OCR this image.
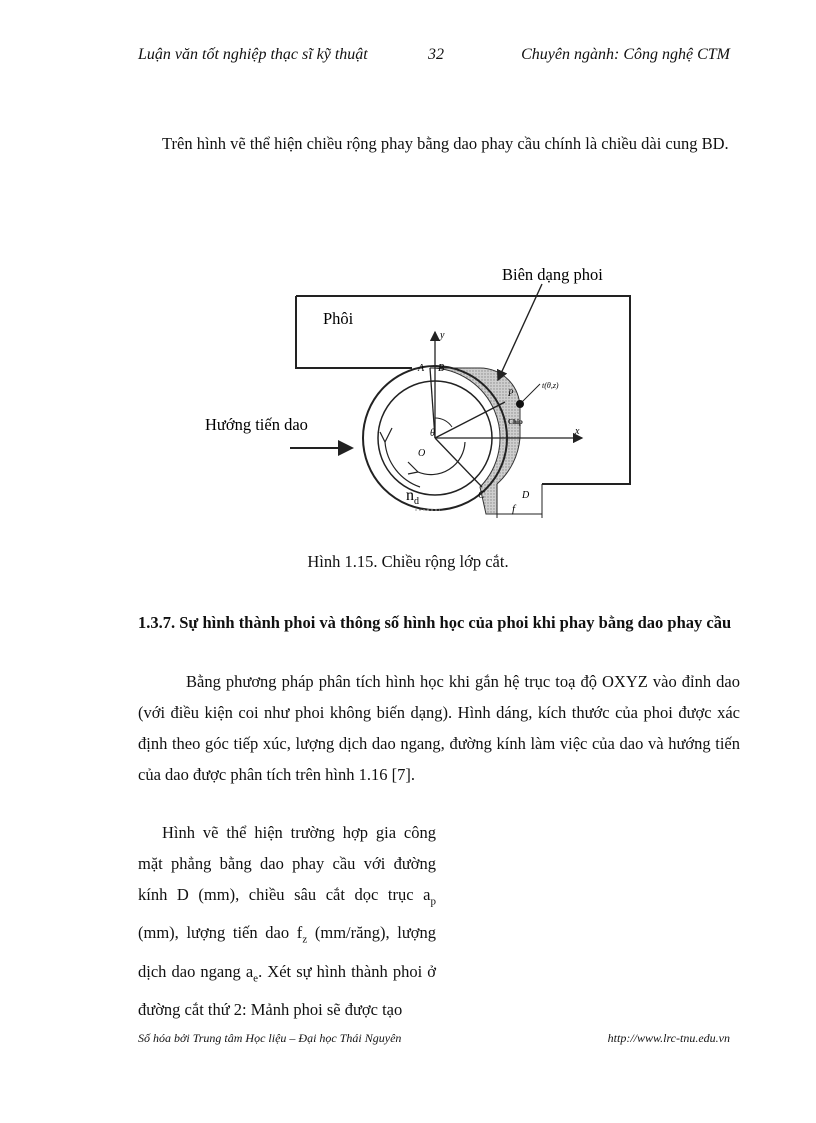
Luận văn tốt nghiệp thạc sĩ kỹ thuật	32	Chuyên ngành: Công nghệ CTM

Trên hình vẽ thể hiện chiều rộng phay bằng dao phay cầu chính là chiều dài cung BD.

Biên dạng phoi
Phôi
Hướng tiến dao
A B
C	D
O
P
x
y
θ
t(θ,z)
Chip
f
$n_d$
Hình 1.15. Chiều rộng lớp cắt.
1.3.7. Sự hình thành phoi và thông số hình học của phoi khi phay bằng dao phay cầu

Bằng phương pháp phân tích hình học khi gắn hệ trục toạ độ OXYZ vào đỉnh dao (với điều kiện coi như phoi không biến dạng). Hình dáng, kích thước của phoi được xác định theo góc tiếp xúc, lượng dịch dao ngang, đường kính làm việc của dao và hướng tiến của dao được phân tích trên hình 1.16 [7].

Hình vẽ thể hiện trường hợp gia công mặt phẳng bằng dao phay cầu với đường kính D (mm), chiều sâu cắt dọc trục $a_p$ (mm), lượng tiến dao $f_z$ (mm/răng), lượng dịch dao ngang $a_e$. Xét sự hình thành phoi ở đường cắt thứ 2: Mảnh phoi sẽ được tạo

Số hóa bởi Trung tâm Học liệu – Đại học Thái Nguyên	http://www.lrc-tnu.edu.vn
